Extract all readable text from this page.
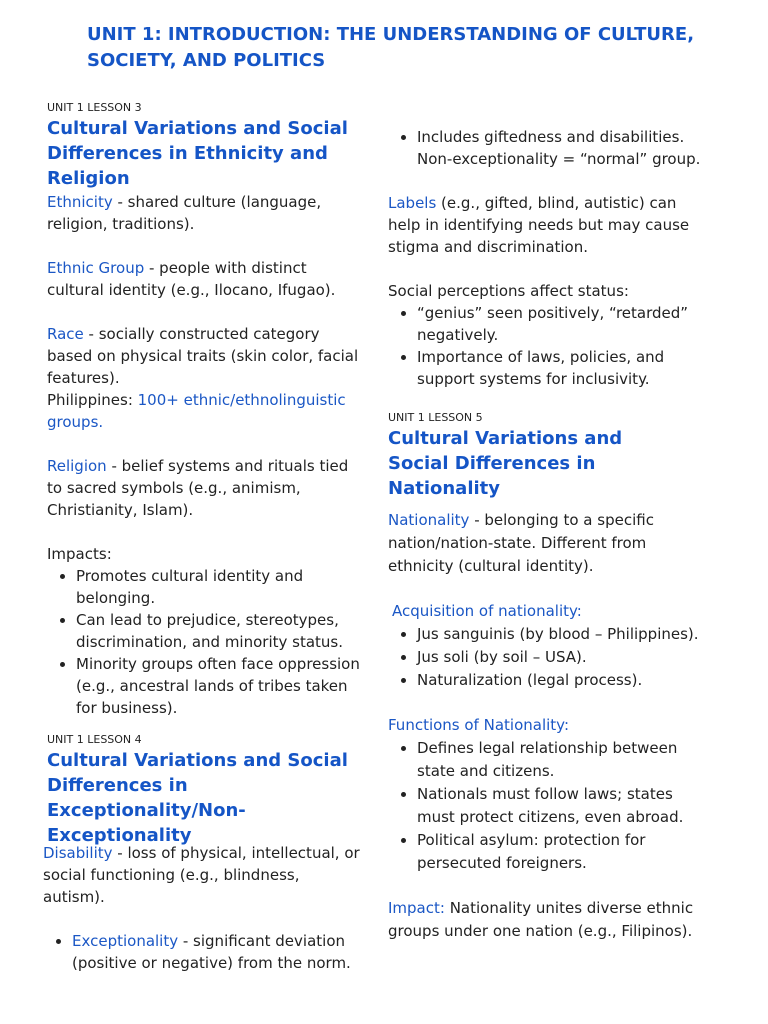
UNIT 1: INTRODUCTION: THE UNDERSTANDING OF CULTURE, SOCIETY, AND POLITICS

UNIT 1 LESSON 3

Cultural Variations and Social Differences in Ethnicity and Religion

Ethnicity - shared culture (language, religion, traditions).

Ethnic Group - people with distinct cultural identity (e.g., Ilocano, Ifugao).

Race - socially constructed category based on physical traits (skin color, facial features).

Philippines: 100+ ethnic/ethnolinguistic groups.

Religion - belief systems and rituals tied to sacred symbols (e.g., animism, Christianity, Islam).

Impacts:

• Promotes cultural identity and belonging.
• Can lead to prejudice, stereotypes, discrimination, and minority status.
• Minority groups often face oppression (e.g., ancestral lands of tribes taken for business).

UNIT 1 LESSON 4

Cultural Variations and Social Differences in Exceptionality/Non-Exceptionality

Disability - loss of physical, intellectual, or social functioning (e.g., blindness, autism).

• Exceptionality - significant deviation (positive or negative) from the norm.
• Includes giftedness and disabilities. Non-exceptionality = “normal” group.

Labels (e.g., gifted, blind, autistic) can help in identifying needs but may cause stigma and discrimination.

Social perceptions affect status:

• “genius” seen positively, “retarded” negatively.
• Importance of laws, policies, and support systems for inclusivity.

UNIT 1 LESSON 5

Cultural Variations and Social Differences in Nationality

Nationality - belonging to a specific nation/nation-state. Different from ethnicity (cultural identity).

Acquisition of nationality:

• Jus sanguinis (by blood – Philippines).
• Jus soli (by soil – USA).
• Naturalization (legal process).

Functions of Nationality:

• Defines legal relationship between state and citizens.
• Nationals must follow laws; states must protect citizens, even abroad.
• Political asylum: protection for persecuted foreigners.

Impact: Nationality unites diverse ethnic groups under one nation (e.g., Filipinos).
